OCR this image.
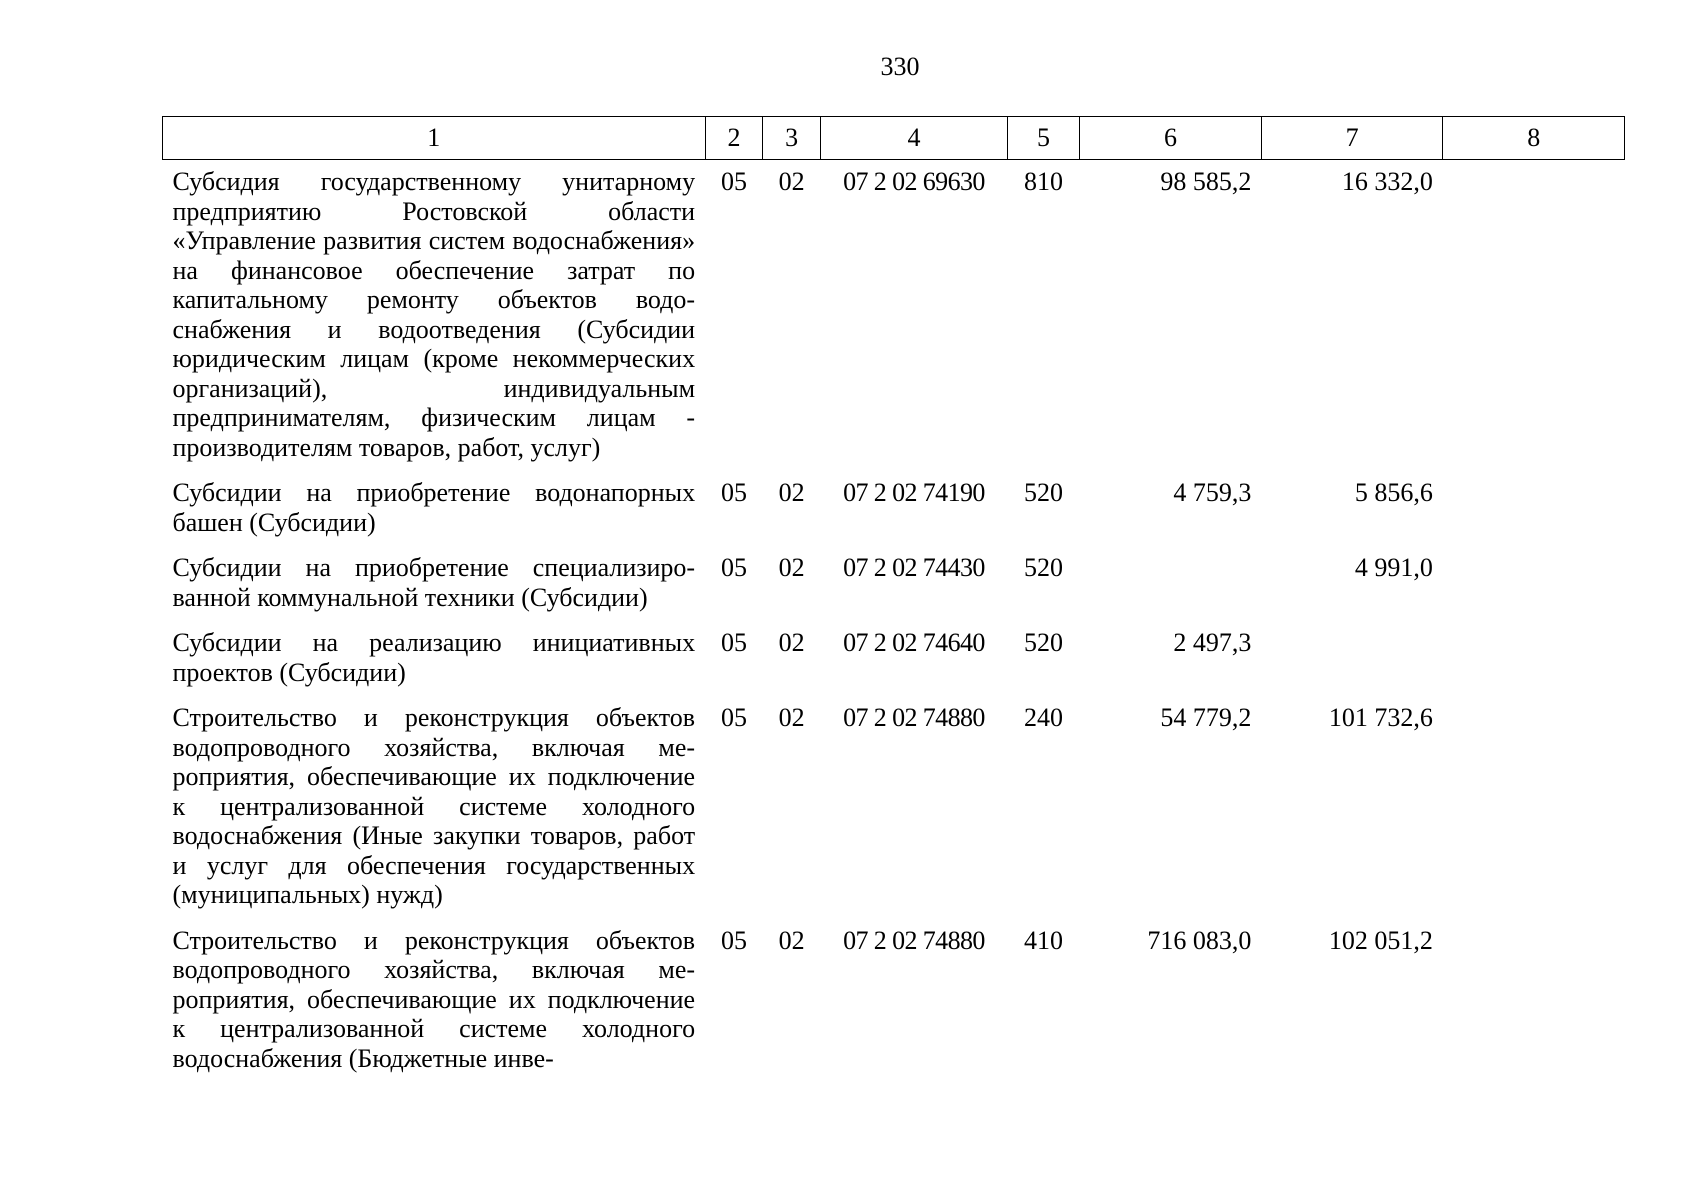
330
1	2	3	4	5	6	7	8
Субсидия государственному унитарному предприятию Ростовской области «Управление развития систем водоснабжения» на финансовое обеспечение затрат по капитальному ремонту объектов водоснабжения и водоотведения (Субсидии юридическим лицам (кроме некоммерческих организаций), индивидуальным предпринимателям, физическим лицам - производителям товаров, работ, услуг)	05	02	07 2 02 69630	810	98 585,2	16 332,0	
Субсидии на приобретение водонапорных башен (Субсидии)	05	02	07 2 02 74190	520	4 759,3	5 856,6	
Субсидии на приобретение специализированной коммунальной техники (Субсидии)	05	02	07 2 02 74430	520		4 991,0	
Субсидии на реализацию инициативных проектов (Субсидии)	05	02	07 2 02 74640	520	2 497,3		
Строительство и реконструкция объектов водопроводного хозяйства, включая мероприятия, обеспечивающие их подключение к централизованной системе холодного водоснабжения (Иные закупки товаров, работ и услуг для обеспечения государственных (муниципальных) нужд)	05	02	07 2 02 74880	240	54 779,2	101 732,6	
Строительство и реконструкция объектов водопроводного хозяйства, включая мероприятия, обеспечивающие их подключение к централизованной системе холодного водоснабжения (Бюджетные инве-	05	02	07 2 02 74880	410	716 083,0	102 051,2	
